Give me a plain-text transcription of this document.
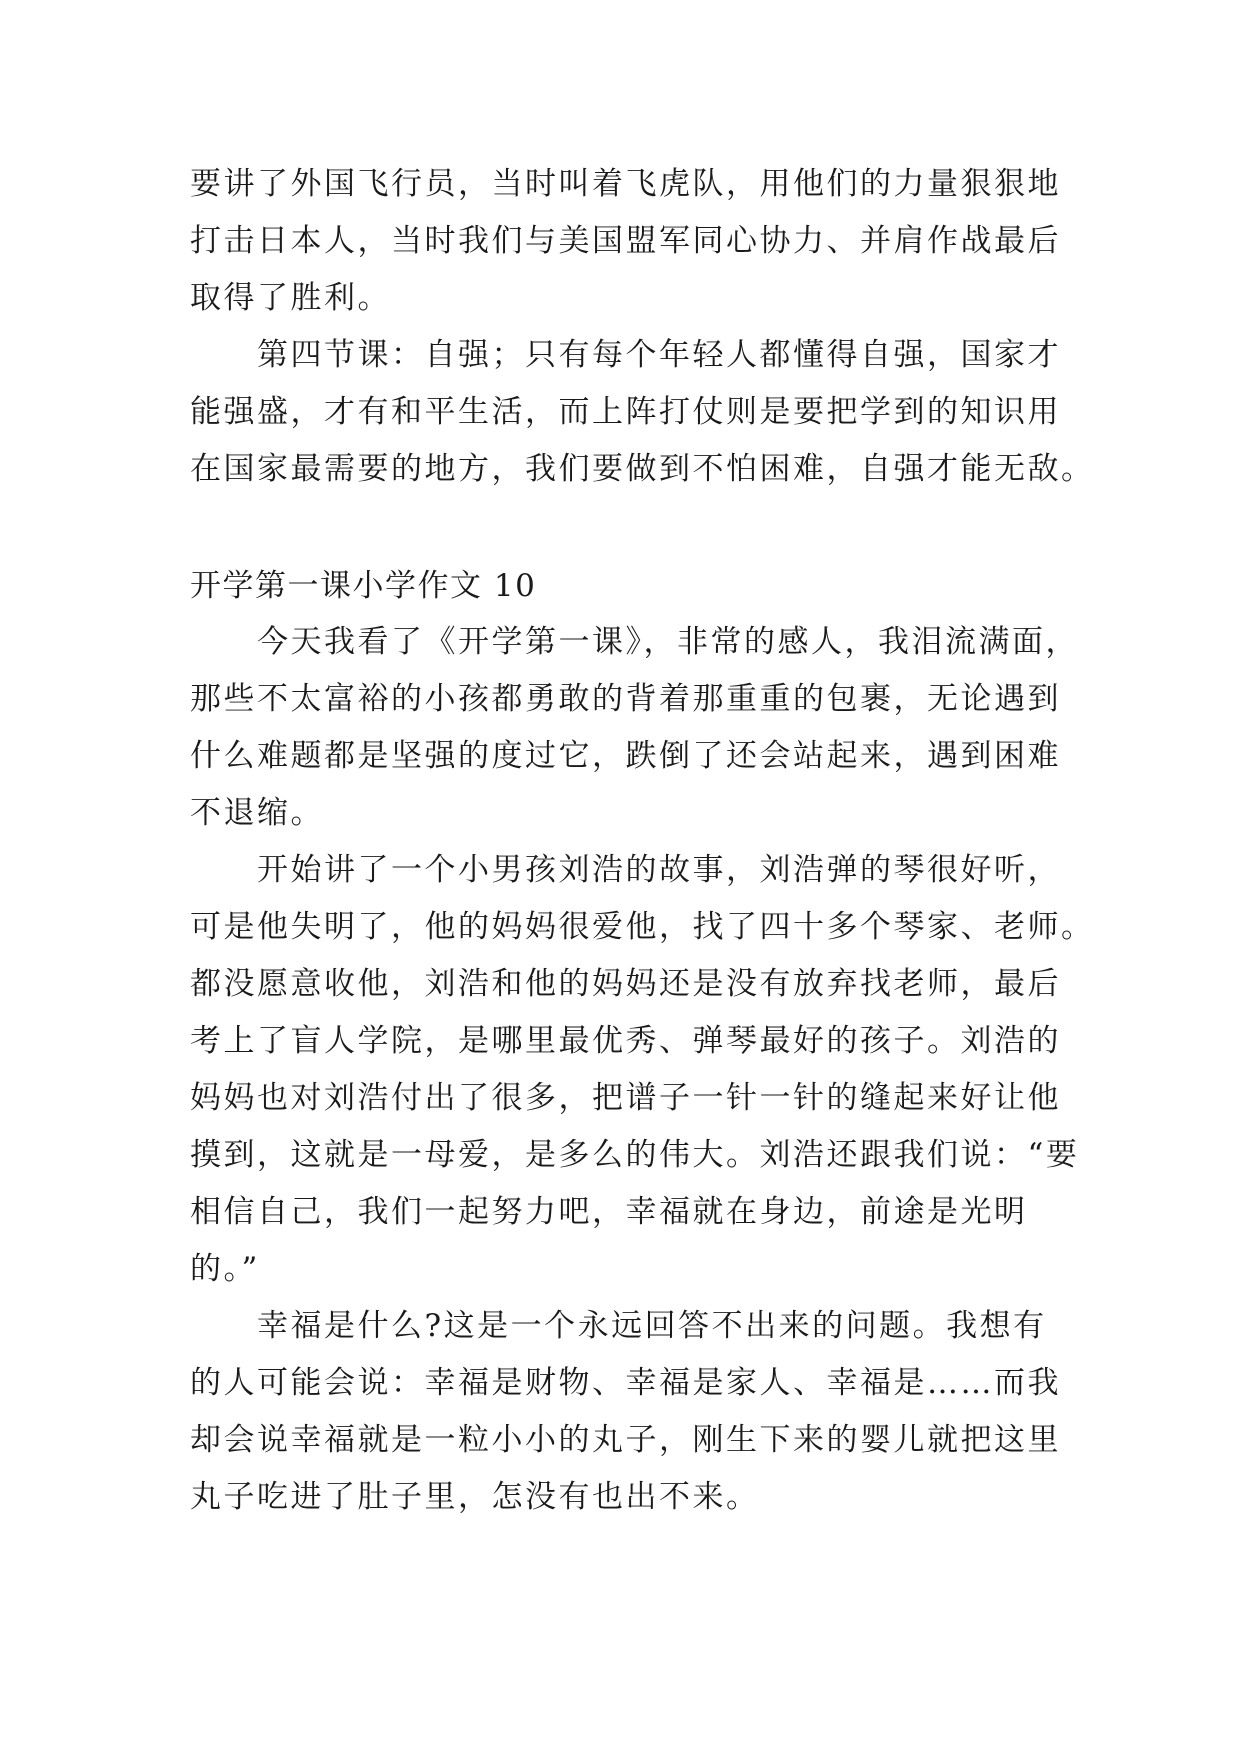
要讲了外国飞行员，当时叫着飞虎队，用他们的力量狠狠地
打击日本人，当时我们与美国盟军同心协力、并肩作战最后
取得了胜利。
　　第四节课：自强；只有每个年轻人都懂得自强，国家才
能强盛，才有和平生活，而上阵打仗则是要把学到的知识用
在国家最需要的地方，我们要做到不怕困难，自强才能无敌。
开学第一课小学作文 10
　　今天我看了《开学第一课》，非常的感人，我泪流满面，
那些不太富裕的小孩都勇敢的背着那重重的包裹，无论遇到
什么难题都是坚强的度过它，跌倒了还会站起来，遇到困难
不退缩。
　　开始讲了一个小男孩刘浩的故事，刘浩弹的琴很好听，
可是他失明了，他的妈妈很爱他，找了四十多个琴家、老师。
都没愿意收他，刘浩和他的妈妈还是没有放弃找老师，最后
考上了盲人学院，是哪里最优秀、弹琴最好的孩子。刘浩的
妈妈也对刘浩付出了很多，把谱子一针一针的缝起来好让他
摸到，这就是一母爱，是多么的伟大。刘浩还跟我们说：“要
相信自己，我们一起努力吧，幸福就在身边，前途是光明
的。”
　　幸福是什么?这是一个永远回答不出来的问题。我想有
的人可能会说：幸福是财物、幸福是家人、幸福是……而我
却会说幸福就是一粒小小的丸子，刚生下来的婴儿就把这里
丸子吃进了肚子里，怎没有也出不来。
